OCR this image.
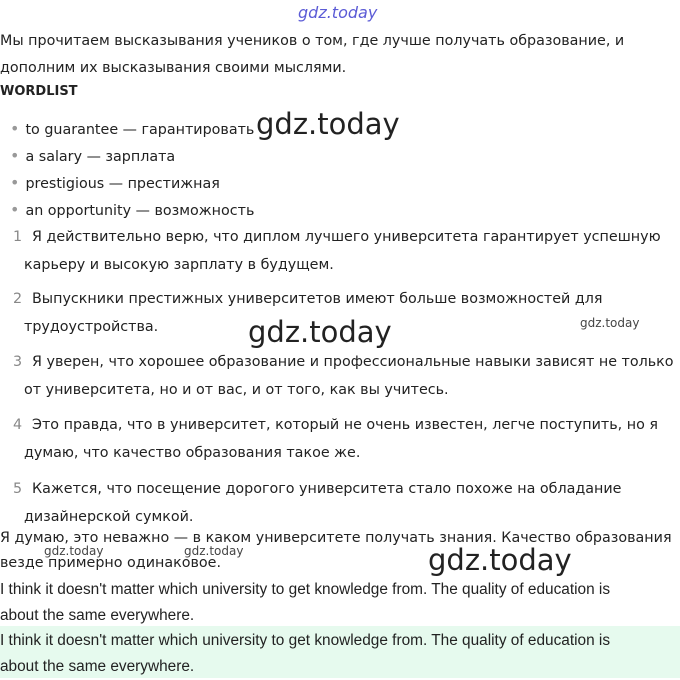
gdz.today
Мы прочитаем высказывания учеников о том, где лучше получать образование, и
дополним их высказывания своими мыслями.
WORDLIST
• to guarantee — гарантировать
• a salary — зарплата
• prestigious — престижная
• an opportunity — возможность
gdz.today
1 Я действительно верю, что диплом лучшего университета гарантирует успешную
карьеру и высокую зарплату в будущем.
2 Выпускники престижных университетов имеют больше возможностей для
трудоустройства.	gdz.today	gdz.today
3 Я уверен, что хорошее образование и профессиональные навыки зависят не только
от университета, но и от вас, и от того, как вы учитесь.
4 Это правда, что в университет, который не очень известен, легче поступить, но я
думаю, что качество образования такое же.
5 Кажется, что посещение дорогого университета стало похоже на обладание
дизайнерской сумкой.
Я думаю, это неважно — в каком университете получать знания. Качество образования
везде примерно одинаковое.
gdz.today	gdz.today	gdz.today
I think it doesn't matter which university to get knowledge from. The quality of education is
about the same everywhere.
I think it doesn't matter which university to get knowledge from. The quality of education is
about the same everywhere.
